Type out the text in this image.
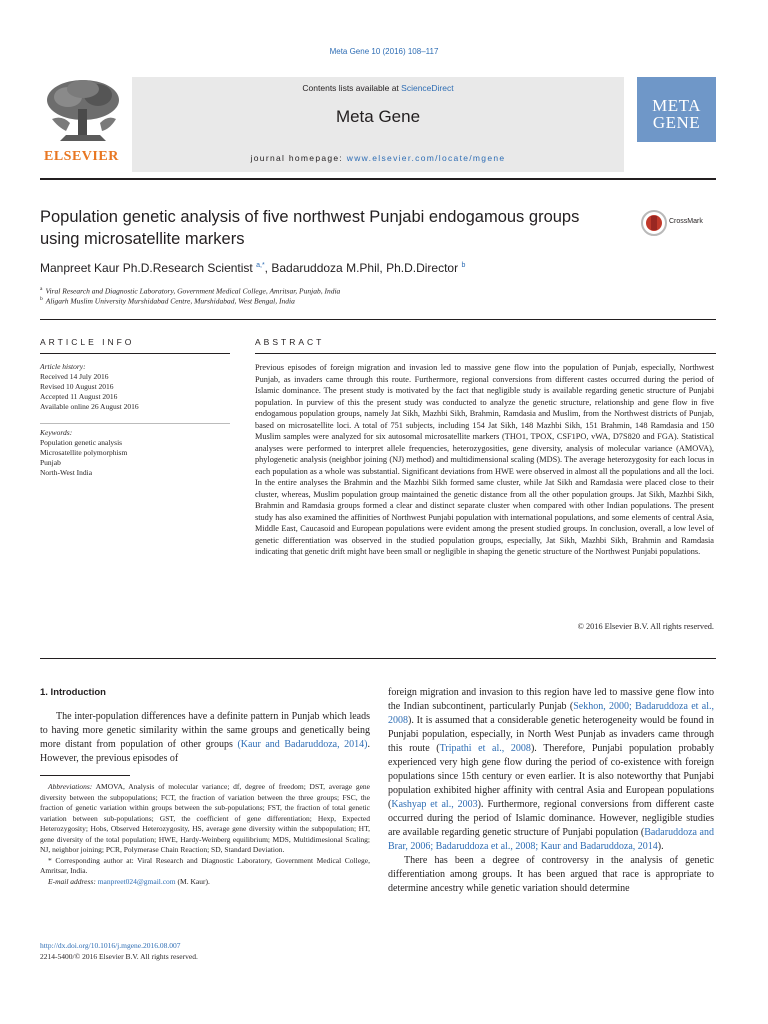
Meta Gene 10 (2016) 108–117
ELSEVIER
Contents lists available at ScienceDirect
Meta Gene
journal homepage: www.elsevier.com/locate/mgene
META
GENE
Population genetic analysis of five northwest Punjabi endogamous groups using microsatellite markers
CrossMark
Manpreet Kaur Ph.D.Research Scientist $^{a,*}$, Badaruddoza M.Phil, Ph.D.Director $^b$
$^a$ Viral Research and Diagnostic Laboratory, Government Medical College, Amritsar, Punjab, India
$^b$ Aligarh Muslim University Murshidabad Centre, Murshidabad, West Bengal, India
ARTICLE INFO	ABSTRACT
Article history:
Received 14 July 2016
Revised 10 August 2016
Accepted 11 August 2016
Available online 26 August 2016
Keywords:
Population genetic analysis
Microsatellite polymorphism
Punjab
North-West India
Previous episodes of foreign migration and invasion led to massive gene flow into the population of Punjab, especially, Northwest Punjab, as invaders came through this route. Furthermore, regional conversions from different castes occurred during the period of Islamic dominance. The present study is motivated by the fact that negligible study is available regarding genetic structure of Punjabi population. In purview of this the present study was conducted to analyze the genetic structure, relationship and gene flow in five endogamous population groups, namely Jat Sikh, Mazhbi Sikh, Brahmin, Ramdasia and Muslim, from the Northwest districts of Punjab, based on microsatellite loci. A total of 751 subjects, including 154 Jat Sikh, 148 Mazhbi Sikh, 151 Brahmin, 148 Ramdasia and 150 Muslim samples were analyzed for six autosomal microsatellite markers (THO1, TPOX, CSF1PO, vWA, D7S820 and FGA). Statistical analyses were performed to interpret allele frequencies, heterozygosities, gene diversity, analysis of molecular variance (AMOVA), phylogenetic analysis (neighbor joining (NJ) method) and multidimensional scaling (MDS). The average heterozygosity for each locus in each population as a whole was substantial. Significant deviations from HWE were observed in almost all the populations and all the loci. In the entire analyses the Brahmin and the Mazhbi Sikh formed same cluster, while Jat Sikh and Ramdasia were placed close to their cluster, whereas, Muslim population group maintained the genetic distance from all the other population groups. Jat Sikh, Mazhbi Sikh, Brahmin and Ramdasia groups formed a clear and distinct separate cluster when compared with other Indian populations. The present study has also examined the affinities of Northwest Punjabi population with international populations, and some elements of central Asia, Middle East, Caucasoid and European populations were evident among the present studied groups. In conclusion, overall, a low level of genetic differentiation was observed in the studied population groups, especially, Jat Sikh, Mazhbi Sikh, Brahmin and Ramdasia indicating that genetic drift might have been small or negligible in shaping the genetic structure of the Northwest Punjabi populations.
© 2016 Elsevier B.V. All rights reserved.
1. Introduction

The inter-population differences have a definite pattern in Punjab which leads to having more genetic similarity within the same groups and genetically being more distant from population of other groups (Kaur and Badaruddoza, 2014). However, the previous episodes of

Abbreviations: AMOVA, Analysis of molecular variance; df, degree of freedom; DST, average gene diversity between the subpopulations; FCT, the fraction of variation between the three groups; FSC, the fraction of genetic variation within groups between the sub-populations; FST, the fraction of total genetic variation between sub-populations; GST, the coefficient of gene differentiation; Hexp, Expected Heterozygosity; Hobs, Observed Heterozygosity, HS, average gene diversity within the subpopulation; HT, gene diversity of the total population; HWE, Hardy-Weinberg equilibrium; MDS, Multidimesional Scaling; NJ, neighbor joining; PCR, Polymerase Chain Reaction; SD, Standard Deviation.

* Corresponding author at: Viral Research and Diagnostic Laboratory, Government Medical College, Amritsar, India.

E-mail address: manpreet024@gmail.com (M. Kaur).

foreign migration and invasion to this region have led to massive gene flow into the Indian subcontinent, particularly Punjab (Sekhon, 2000; Badaruddoza et al., 2008). It is assumed that a considerable genetic heterogeneity would be found in Punjabi population, especially, in North West Punjab as invaders came through this route (Tripathi et al., 2008). Therefore, Punjabi population probably experienced very high gene flow during the period of co-existence with foreign populations since 15th century or even earlier. It is also noteworthy that Punjabi population exhibited higher affinity with central Asia and European populations (Kashyap et al., 2003). Furthermore, regional conversions from different caste occurred during the period of Islamic dominance. However, negligible studies are available regarding genetic structure of Punjabi population (Badaruddoza and Brar, 2006; Badaruddoza et al., 2008; Kaur and Badaruddoza, 2014).

There has been a degree of controversy in the analysis of genetic differentiation among groups. It has been argued that race is appropriate to determine ancestry while genetic variation should determine

http://dx.doi.org/10.1016/j.mgene.2016.08.007
2214-5400/© 2016 Elsevier B.V. All rights reserved.
